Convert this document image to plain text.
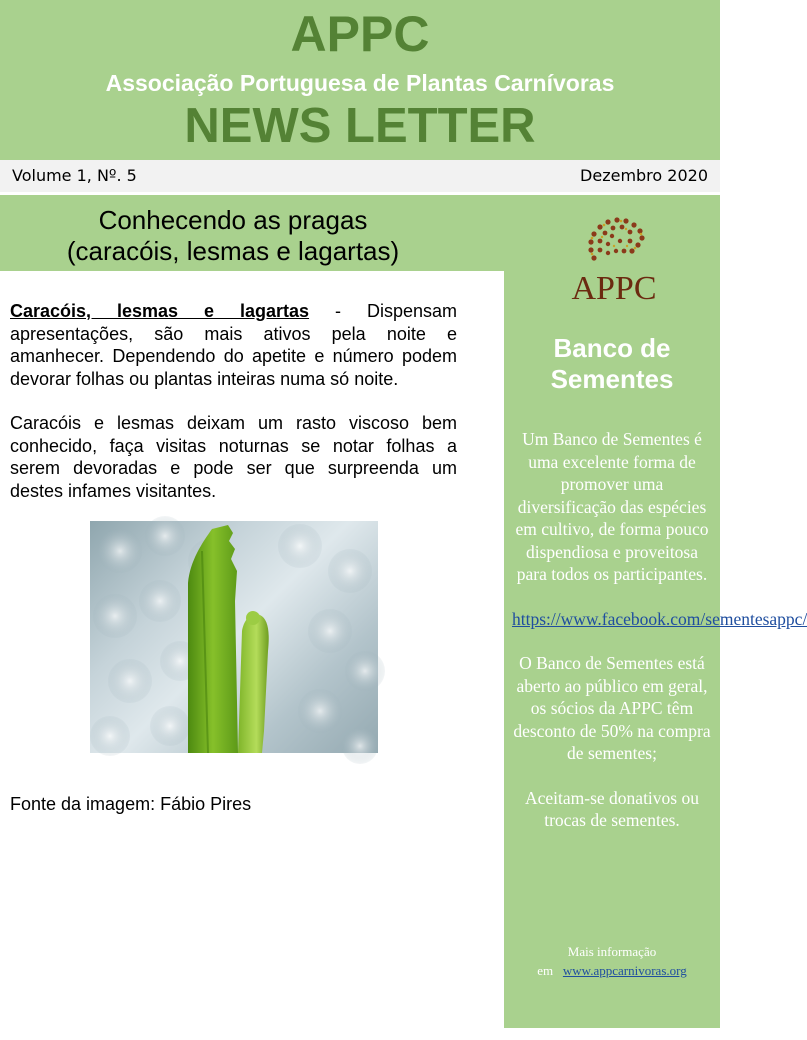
APPC
Associação Portuguesa de Plantas Carnívoras
NEWS LETTER
Volume 1, Nº. 5	Dezembro 2020
Conhecendo as pragas
(caracóis, lesmas e lagartas)

Caracóis, lesmas e lagartas - Dispensam apresentações, são mais ativos pela noite e amanhecer. Dependendo do apetite e número podem devorar folhas ou plantas inteiras numa só noite.

Caracóis e lesmas deixam um rasto viscoso bem conhecido, faça visitas noturnas se notar folhas a serem devoradas e pode ser que surpreenda um destes infames visitantes.

Fonte da imagem: Fábio Pires
APPC
Banco de Sementes

Um Banco de Sementes é uma excelente forma de promover uma diversificação das espécies em cultivo, de forma pouco dispendiosa e proveitosa para todos os participantes.

https://www.facebook.com/sementesappc/

O Banco de Sementes está aberto ao público em geral, os sócios da APPC têm desconto de 50% na compra de sementes;

Aceitam-se donativos ou trocas de sementes.

Mais informação
em www.appcarnivoras.org
